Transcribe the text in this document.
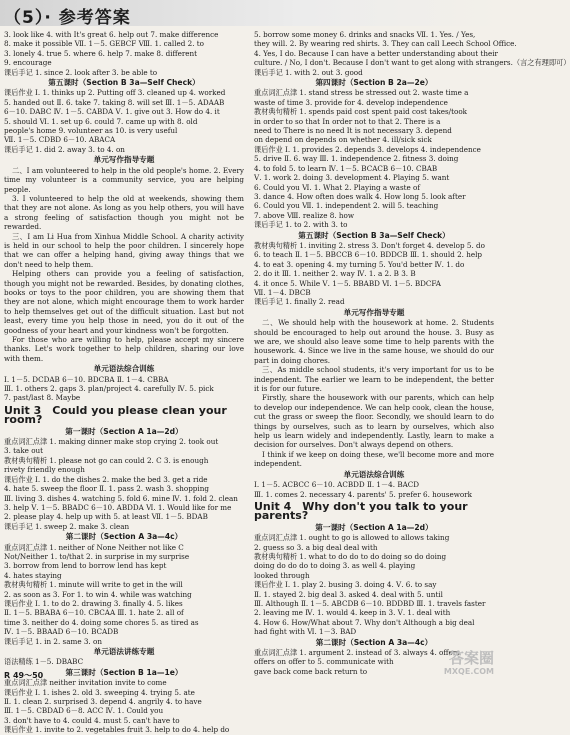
（5）· 参考答案
3. look like 4. with It's great 6. help out 7. make difference
8. make it possible Ⅶ. 1－5. GEBCF Ⅷ. 1. called 2. to
3. lonely 4. true 5. where 6. help 7. make 8. different
9. encourage
课后手记 1. since 2. look after 3. be able to
第五课时（Section B 3a—Self Check）
课后作业 Ⅰ. 1. thinks up 2. Putting off 3. cleaned up 4. worked
5. handed out Ⅱ. 6. take 7. taking 8. will set Ⅲ. 1－5. ADAAB
6－10. DABC Ⅳ. 1－5. CABDA Ⅴ. 1. give out 3. How do 4. it
5. should Ⅵ. 1. set up 6. could 7. came up with 8. old
people's home 9. volunteer as 10. is very useful
Ⅶ. 1－5. CDBD 6－10. ABACA
课后手记 1. did 2. away 3. to 4. on
单元写作指导专题
二、I am volunteered to help in the old people's home. 2. Every time my volunteer is a community service, you are helping people.
3. I volunteered to help the old at weekends, showing them that they are not alone. As long as you help others, you will have a strong feeling of satisfaction though you might not be rewarded.
三、I am Li Hua from Xinhua Middle School. A charity activity is held in our school to help the poor children. I sincerely hope that we can offer a helping hand, giving away things that we don't need to help them.
Helping others can provide you a feeling of satisfaction, though you might not be rewarded. Besides, by donating clothes, books or toys to the poor children, you are showing them that they are not alone, which might encourage them to work harder to help themselves get out of the difficult situation. Last but not least, every time you help those in need, you do it out of the goodness of your heart and your kindness won't be forgotten.
For those who are willing to help, please accept my sincere thanks. Let's work together to help children, sharing our love with them.
单元语法综合训练
Ⅰ. 1－5. DCDAB 6－10. BDCBA Ⅱ. 1－4. CBBA
Ⅲ. 1. others 2. gaps 3. plan/project 4. carefully Ⅳ. 5. pick
7. past/last 8. Maybe
Unit 3　Could you please clean your room?
第一课时（Section A 1a—2d）
重点词汇点津 1. making dinner make stop crying 2. took out
3. take out
教材典句精析 1. please not go can could 2. C 3. is enough
rivety friendly enough
课后作业 Ⅰ. 1. do the dishes 2. make the bed 3. get a ride
4. hate 5. sweep the floor Ⅱ. 1. pass 2. wash 3. shopping
Ⅲ. living 3. dishes 4. watching 5. fold 6. mine Ⅳ. 1. fold 2. clean
3. help Ⅴ. 1－5. BBADC 6－10. ABDDA Ⅵ. 1. Would like for me
2. please play 4. help up with 5. at least Ⅶ. 1－5. BDAB
课后手记 1. sweep 2. make 3. clean
第二课时（Section A 3a—4c）
重点词汇点津 1. neither of None Neither not like C
Not/Neither 1. to/that 2. in surprise in my surprise
3. borrow from lend to borrow lend has kept
4. hates staying
教材典句精析 1. minute will write to get in the will
2. as soon as 3. For 1. to win 4. while was watching
课后作业 Ⅰ. 1. to do 2. drawing 3. finally 4. 5. likes
Ⅱ. 1－5. BBABA 6－10. CBCAA Ⅲ. 1. hate 2. all of
time 3. neither do 4. doing some chores 5. as tired as
Ⅳ. 1－5. BBAAD 6－10. BCADB
课后手记 1. in 2. same 3. on
单元语法讲练专题
语法精练 1－5. DBABC
第三课时（Section B 1a—1e）
重点词汇点津 neither invitation invite to come
课后作业 Ⅰ. 1. ishes 2. old 3. sweeping 4. trying 5. ate
Ⅱ. 1. clean 2. surprised 3. depend 4. angrily 4. to have
Ⅲ. 1－5. CBDAD 6－8. ACC Ⅳ. 1. Could you
3. don't have to 4. could 4. must 5. can't have to
课后作业 1. invite to 2. vegetables fruit 3. help to do 4. help do
5. borrow some money 6. drinks and snacks Ⅶ. 1. Yes. / Yes,
they will. 2. By wearing red shirts. 3. They can call Leech School Office.
4. Yes, I do. Because I can have a better understanding about their
culture. / No, I don't. Because I don't want to get along with strangers.（言之有理即可）
课后手记 1. with 2. out 3. good
第四课时（Section B 2a—2e）
重点词汇点津 1. stand stress be stressed out 2. waste time a
waste of time 3. provide for 4. develop independence
教材典句精析 1. spends paid cost spent paid cost takes/took
in order to so that In order not to that 2. There is a
need to There is no need It is not necessary 3. depend
on depend on depends on whether 4. ill/sick sick
课后作业 Ⅰ. 1. provides 2. depends 3. develops 4. independence
5. drive Ⅱ. 6. way Ⅲ. 1. independence 2. fitness 3. doing
4. to fold 5. to learn Ⅳ. 1－5. BCACB 6－10. CBAB
Ⅴ. 1. work 2. doing 3. development 4. Playing 5. want
6. Could you Ⅵ. 1. What 2. Playing a waste of
3. dance 4. How often does walk 4. How long 5. look after
6. Could you Ⅶ. 1. independent 2. will 5. teaching
7. above Ⅷ. realize 8. how
课后手记 1. to 2. with 3. to
第五课时（Section B 3a—Self Check）
教材典句精析 1. inviting 2. stress 3. Don't forget 4. develop 5. do
6. to teach Ⅱ. 1－5. BBCCB 6－10. BDDCB Ⅲ. 1. should 2. help
4. to eat 3. opening 4. my turning 5. You'd better Ⅳ. 1. do
2. do it Ⅲ. 1. neither 2. way Ⅳ. 1. a 2. B 3. B
4. it once 5. While Ⅴ. 1－5. BBABD Ⅵ. 1－5. BDCFA
Ⅶ. 1－4. DBCB
课后手记 1. finally 2. read
单元写作指导专题
二、We should help with the housework at home. 2. Students should be encouraged to help out around the house. 3. Busy as we are, we should also leave some time to help parents with the housework. 4. Since we live in the same house, we should do our part in doing chores.
三、As middle school students, it's very important for us to be independent. The earlier we learn to be independent, the better it is for our future.
Firstly, share the housework with our parents, which can help to develop our independence. We can help cook, clean the house, cut the grass or sweep the floor. Secondly, we should learn to do things by ourselves, such as to learn by ourselves, which also help us learn widely and independently. Lastly, learn to make a decision for ourselves. Don't always depend on others.
I think if we keep on doing these, we'll become more and more independent.
单元语法综合训练
Ⅰ. 1－5. ACBCC 6－10. ACBDD Ⅱ. 1－4. BACD
Ⅲ. 1. comes 2. necessary 4. parents' 5. prefer 6. housework
Unit 4　Why don't you talk to your parents?
第一课时（Section A 1a—2d）
重点词汇点津 1. ought to go is allowed to allows taking
2. guess so 3. a big deal deal with
教材典句精析 1. what to do do to do doing so do doing
doing do do do to doing 3. as well 4. playing
looked through
课后作业 Ⅰ. 1. play 2. busing 3. doing 4. Ⅴ. 6. to say
Ⅱ. 1. stayed 2. big deal 3. asked 4. deal with 5. until
Ⅲ. Although Ⅱ. 1－5. ABCDB 6－10. BDDBD Ⅲ. 1. travels faster
2. leaving me Ⅳ. 1. would 4. keep in 3. Ⅴ. 1. deal with
4. How 6. How/What about 7. Why don't Although a big deal
had fight with Ⅵ. 1－3. BAD
第二课时（Section A 3a—4c）
重点词汇点津 1. argument 2. instead of 3. always 4. offers
offers on offer to 5. communicate with
gave back come back return to
R 49～50
答案圈
MXQE.COM
